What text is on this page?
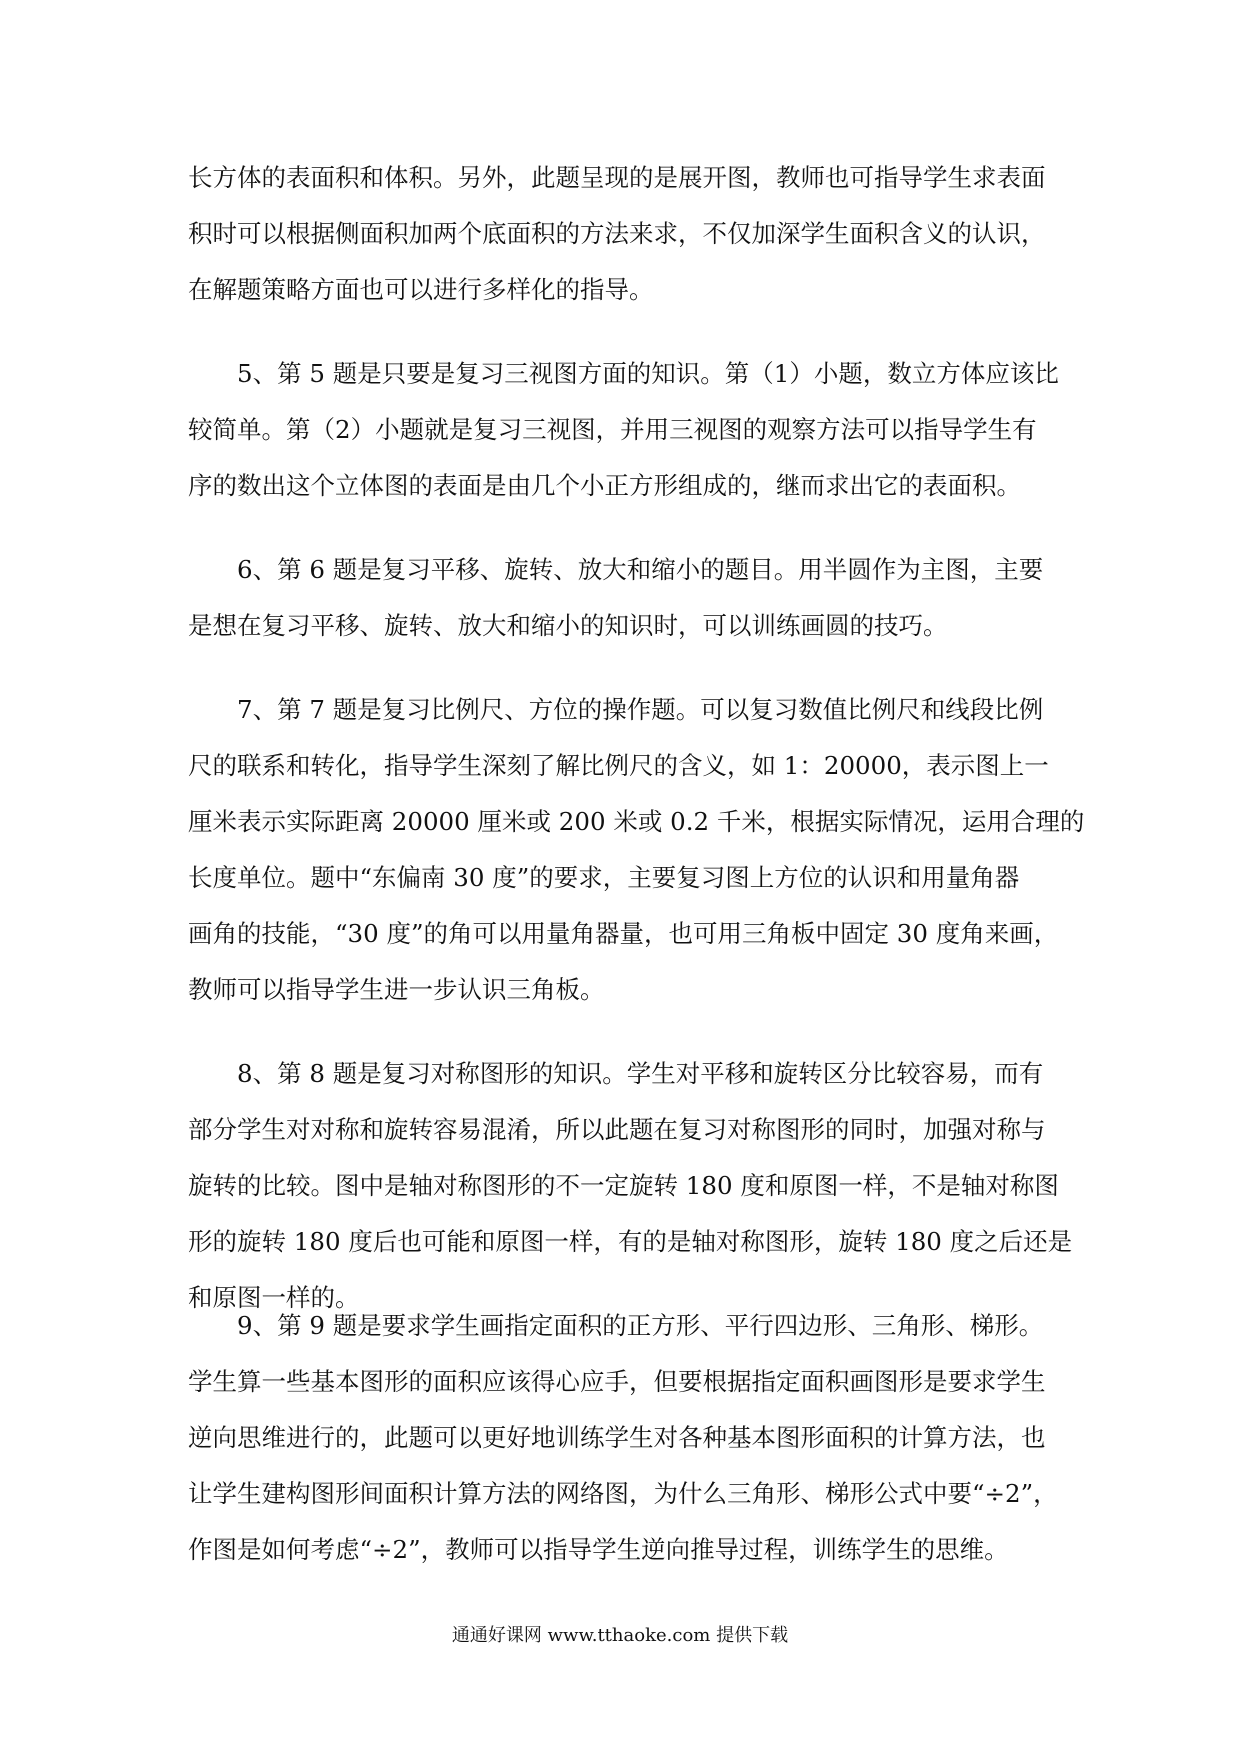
长方体的表面积和体积。另外，此题呈现的是展开图，教师也可指导学生求表面
积时可以根据侧面积加两个底面积的方法来求，不仅加深学生面积含义的认识，
在解题策略方面也可以进行多样化的指导。
　　5、第 5 题是只要是复习三视图方面的知识。第（1）小题，数立方体应该比
较简单。第（2）小题就是复习三视图，并用三视图的观察方法可以指导学生有
序的数出这个立体图的表面是由几个小正方形组成的，继而求出它的表面积。
　　6、第 6 题是复习平移、旋转、放大和缩小的题目。用半圆作为主图，主要
是想在复习平移、旋转、放大和缩小的知识时，可以训练画圆的技巧。
　　7、第 7 题是复习比例尺、方位的操作题。可以复习数值比例尺和线段比例
尺的联系和转化，指导学生深刻了解比例尺的含义，如 1：20000，表示图上一
厘米表示实际距离 20000 厘米或 200 米或 0.2 千米，根据实际情况，运用合理的
长度单位。题中“东偏南 30 度”的要求，主要复习图上方位的认识和用量角器
画角的技能，“30 度”的角可以用量角器量，也可用三角板中固定 30 度角来画，
教师可以指导学生进一步认识三角板。
　　8、第 8 题是复习对称图形的知识。学生对平移和旋转区分比较容易，而有
部分学生对对称和旋转容易混淆，所以此题在复习对称图形的同时，加强对称与
旋转的比较。图中是轴对称图形的不一定旋转 180 度和原图一样，不是轴对称图
形的旋转 180 度后也可能和原图一样，有的是轴对称图形，旋转 180 度之后还是
和原图一样的。
　　9、第 9 题是要求学生画指定面积的正方形、平行四边形、三角形、梯形。
学生算一些基本图形的面积应该得心应手，但要根据指定面积画图形是要求学生
逆向思维进行的，此题可以更好地训练学生对各种基本图形面积的计算方法，也
让学生建构图形间面积计算方法的网络图，为什么三角形、梯形公式中要“÷2”，
作图是如何考虑“÷2”，教师可以指导学生逆向推导过程，训练学生的思维。
通通好课网 www.tthaoke.com 提供下载
